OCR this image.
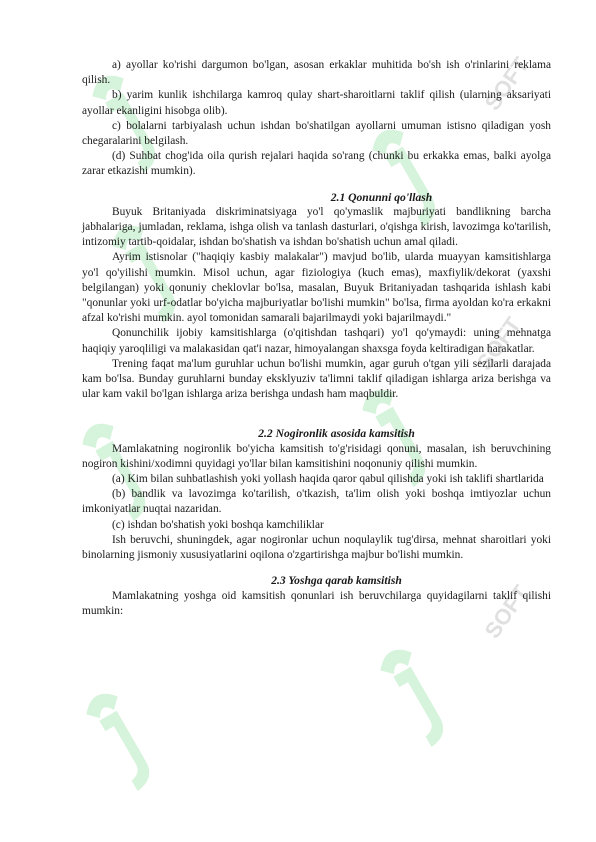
SOFT
SOFT
SOFT

a) ayollar ko'rishi dargumon bo'lgan, asosan erkaklar muhitida bo'sh ish o'rinlarini reklama qilish.

b) yarim kunlik ishchilarga kamroq qulay shart-sharoitlarni taklif qilish (ularning aksariyati ayollar ekanligini hisobga olib).

c) bolalarni tarbiyalash uchun ishdan bo'shatilgan ayollarni umuman istisno qiladigan yosh chegaralarini belgilash.

(d) Suhbat chog'ida oila qurish rejalari haqida so'rang (chunki bu erkakka emas, balki ayolga zarar etkazishi mumkin).

2.1 Qonunni qo'llash

Buyuk Britaniyada diskriminatsiyaga yo'l qo'ymaslik majburiyati bandlikning barcha jabhalariga, jumladan, reklama, ishga olish va tanlash dasturlari, o'qishga kirish, lavozimga ko'tarilish, intizomiy tartib-qoidalar, ishdan bo'shatish va ishdan bo'shatish uchun amal qiladi.

Ayrim istisnolar ("haqiqiy kasbiy malakalar") mavjud bo'lib, ularda muayyan kamsitishlarga yo'l qo'yilishi mumkin. Misol uchun, agar fiziologiya (kuch emas), maxfiylik/dekorat (yaxshi belgilangan) yoki qonuniy cheklovlar bo'lsa, masalan, Buyuk Britaniyadan tashqarida ishlash kabi "qonunlar yoki urf-odatlar bo'yicha majburiyatlar bo'lishi mumkin" bo'lsa, firma ayoldan ko'ra erkakni afzal ko'rishi mumkin. ayol tomonidan samarali bajarilmaydi yoki bajarilmaydi."

Qonunchilik ijobiy kamsitishlarga (o'qitishdan tashqari) yo'l qo'ymaydi: uning mehnatga haqiqiy yaroqliligi va malakasidan qat'i nazar, himoyalangan shaxsga foyda keltiradigan harakatlar.

Trening faqat ma'lum guruhlar uchun bo'lishi mumkin, agar guruh o'tgan yili sezilarli darajada kam bo'lsa. Bunday guruhlarni bunday eksklyuziv ta'limni taklif qiladigan ishlarga ariza berishga va ular kam vakil bo'lgan ishlarga ariza berishga undash ham maqbuldir.

2.2 Nogironlik asosida kamsitish

Mamlakatning nogironlik bo'yicha kamsitish to'g'risidagi qonuni, masalan, ish beruvchining nogiron kishini/xodimni quyidagi yo'llar bilan kamsitishini noqonuniy qilishi mumkin.

(a) Kim bilan suhbatlashish yoki yollash haqida qaror qabul qilishda yoki ish taklifi shartlarida

(b) bandlik va lavozimga ko'tarilish, o'tkazish, ta'lim olish yoki boshqa imtiyozlar uchun imkoniyatlar nuqtai nazaridan.

(c) ishdan bo'shatish yoki boshqa kamchiliklar

Ish beruvchi, shuningdek, agar nogironlar uchun noqulaylik tug'dirsa, mehnat sharoitlari yoki binolarning jismoniy xususiyatlarini oqilona o'zgartirishga majbur bo'lishi mumkin.

2.3 Yoshga qarab kamsitish

Mamlakatning yoshga oid kamsitish qonunlari ish beruvchilarga quyidagilarni taklif qilishi mumkin:
